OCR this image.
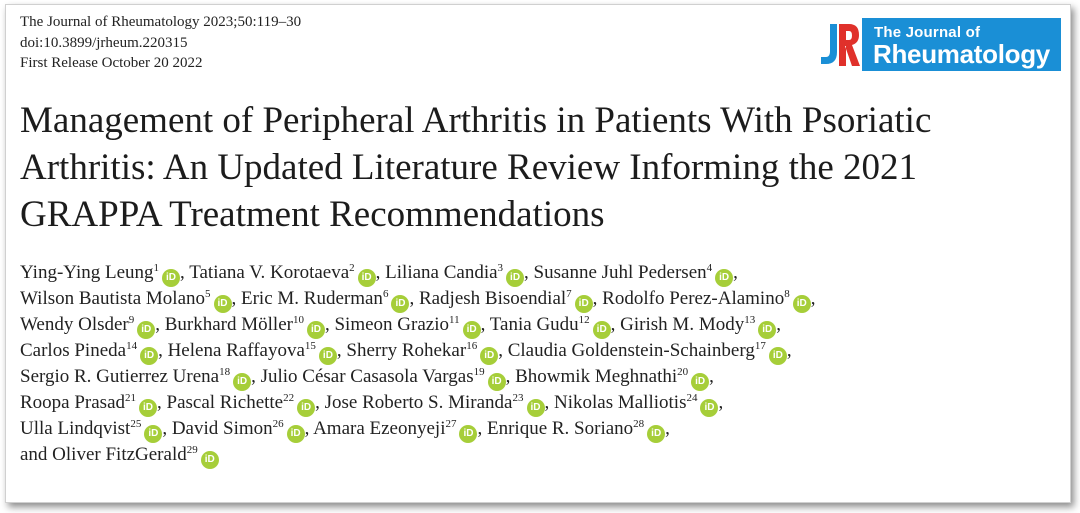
The Journal of Rheumatology 2023;50:119–30
doi:10.3899/jrheum.220315
First Release October 20 2022
The Journal of
Rheumatology
Management of Peripheral Arthritis in Patients With Psoriatic Arthritis: An Updated Literature Review Informing the 2021 GRAPPA Treatment Recommendations
Ying-Ying Leung$^1$iD , Tatiana V. Korotaeva$^2$iD , Liliana Candia$^3$iD , Susanne Juhl Pedersen$^4$iD ,
Wilson Bautista Molano$^5$iD , Eric M. Ruderman$^6$iD , Radjesh Bisoendial$^7$iD , Rodolfo Perez-Alamino$^8$iD ,
Wendy Olsder$^9$iD , Burkhard Möller$^{10}$iD , Simeon Grazio$^{11}$iD , Tania Gudu$^{12}$iD , Girish M. Mody$^{13}$iD ,
Carlos Pineda$^{14}$iD , Helena Raffayova$^{15}$iD , Sherry Rohekar$^{16}$iD , Claudia Goldenstein-Schainberg$^{17}$iD ,
Sergio R. Gutierrez Urena$^{18}$iD , Julio César Casasola Vargas$^{19}$iD , Bhowmik Meghnathi$^{20}$iD ,
Roopa Prasad$^{21}$iD , Pascal Richette$^{22}$iD , Jose Roberto S. Miranda$^{23}$iD , Nikolas Malliotis$^{24}$iD ,
Ulla Lindqvist$^{25}$iD , David Simon$^{26}$iD , Amara Ezeonyeji$^{27}$iD , Enrique R. Soriano$^{28}$iD ,
and Oliver FitzGerald$^{29}$iD
